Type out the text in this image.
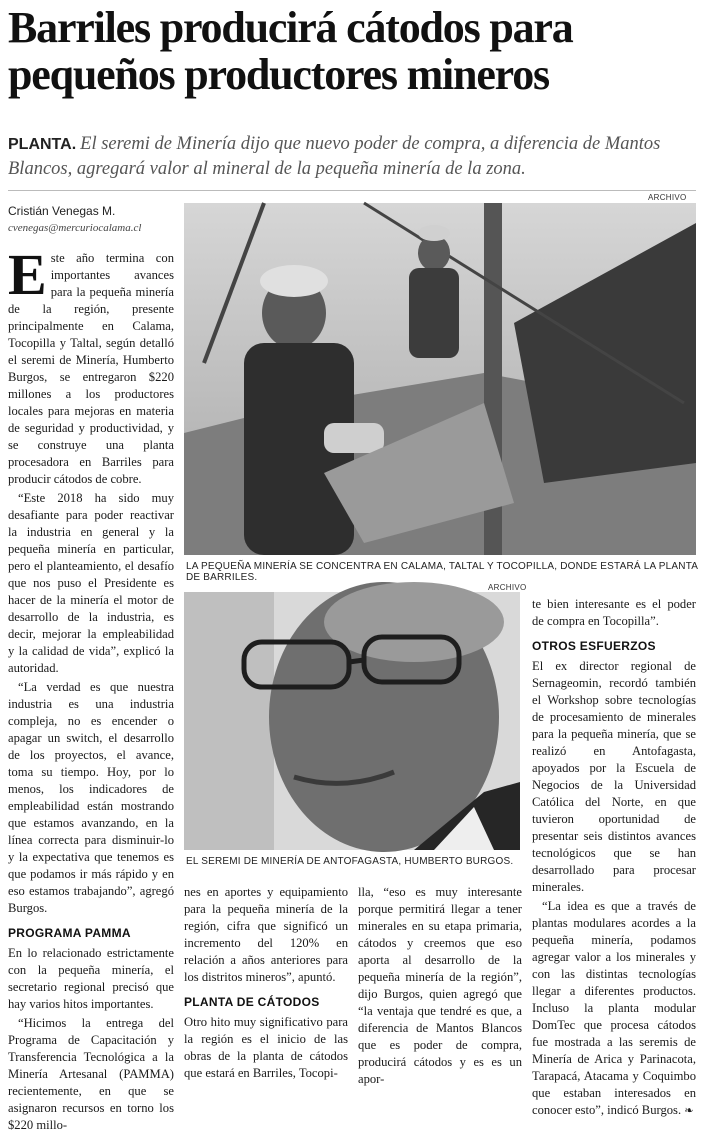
Barriles producirá cátodos para pequeños productores mineros
PLANTA. El seremi de Minería dijo que nuevo poder de compra, a diferencia de Mantos Blancos, agregará valor al mineral de la pequeña minería de la zona.
Cristián Venegas M.
cvenegas@mercuriocalama.cl
ARCHIVO
LA PEQUEÑA MINERÍA SE CONCENTRA EN CALAMA, TALTAL Y TOCOPILLA, DONDE ESTARÁ LA PLANTA DE BARRILES.
ARCHIVO
EL SEREMI DE MINERÍA DE ANTOFAGASTA, HUMBERTO BURGOS.

Este año termina con importantes avances para la pequeña minería de la región, presente principalmente en Calama, Tocopilla y Taltal, según detalló el seremi de Minería, Humberto Burgos, se entregaron $220 millones a los productores locales para mejoras en materia de seguridad y productividad, y se construye una planta procesadora en Barriles para producir cátodos de cobre.

“Este 2018 ha sido muy desafiante para poder reactivar la industria en general y la pequeña minería en particular, pero el planteamiento, el desafío que nos puso el Presidente es hacer de la minería el motor de desarrollo de la industria, es decir, mejorar la empleabilidad y la calidad de vida”, explicó la autoridad.

“La verdad es que nuestra industria es una industria compleja, no es encender o apagar un switch, el desarrollo de los proyectos, el avance, toma su tiempo. Hoy, por lo menos, los indicadores de empleabilidad están mostrando que estamos avanzando, en la línea correcta para disminuir-lo y la expectativa que tenemos es que podamos ir más rápido y en eso estamos trabajando”, agregó Burgos.

PROGRAMA PAMMA

En lo relacionado estrictamente con la pequeña minería, el secretario regional precisó que hay varios hitos importantes.

“Hicimos la entrega del Programa de Capacitación y Transferencia Tecnológica a la Minería Artesanal (PAMMA) recientemente, en que se asignaron recursos en torno los $220 millo-

nes en aportes y equipamiento para la pequeña minería de la región, cifra que significó un incremento del 120% en relación a años anteriores para los distritos mineros”, apuntó.

PLANTA DE CÁTODOS

Otro hito muy significativo para la región es el inicio de las obras de la planta de cátodos que estará en Barriles, Tocopi-

lla, “eso es muy interesante porque permitirá llegar a tener minerales en su etapa primaria, cátodos y creemos que eso aporta al desarrollo de la pequeña minería de la región”, dijo Burgos, quien agregó que “la ventaja que tendré es que, a diferencia de Mantos Blancos que es poder de compra, producirá cátodos y es es un apor-

te bien interesante es el poder de compra en Tocopilla”.

OTROS ESFUERZOS

El ex director regional de Sernageomin, recordó también el Workshop sobre tecnologías de procesamiento de minerales para la pequeña minería, que se realizó en Antofagasta, apoyados por la Escuela de Negocios de la Universidad Católica del Norte, en que tuvieron oportunidad de presentar seis distintos avances tecnológicos que se han desarrollado para procesar minerales.

“La idea es que a través de plantas modulares acordes a la pequeña minería, podamos agregar valor a los minerales y con las distintas tecnologías llegar a diferentes productos. Incluso la planta modular DomTec que procesa cátodos fue mostrada a las seremis de Minería de Arica y Parinacota, Tarapacá, Atacama y Coquimbo que estaban interesados en conocer esto”, indicó Burgos. ❧
